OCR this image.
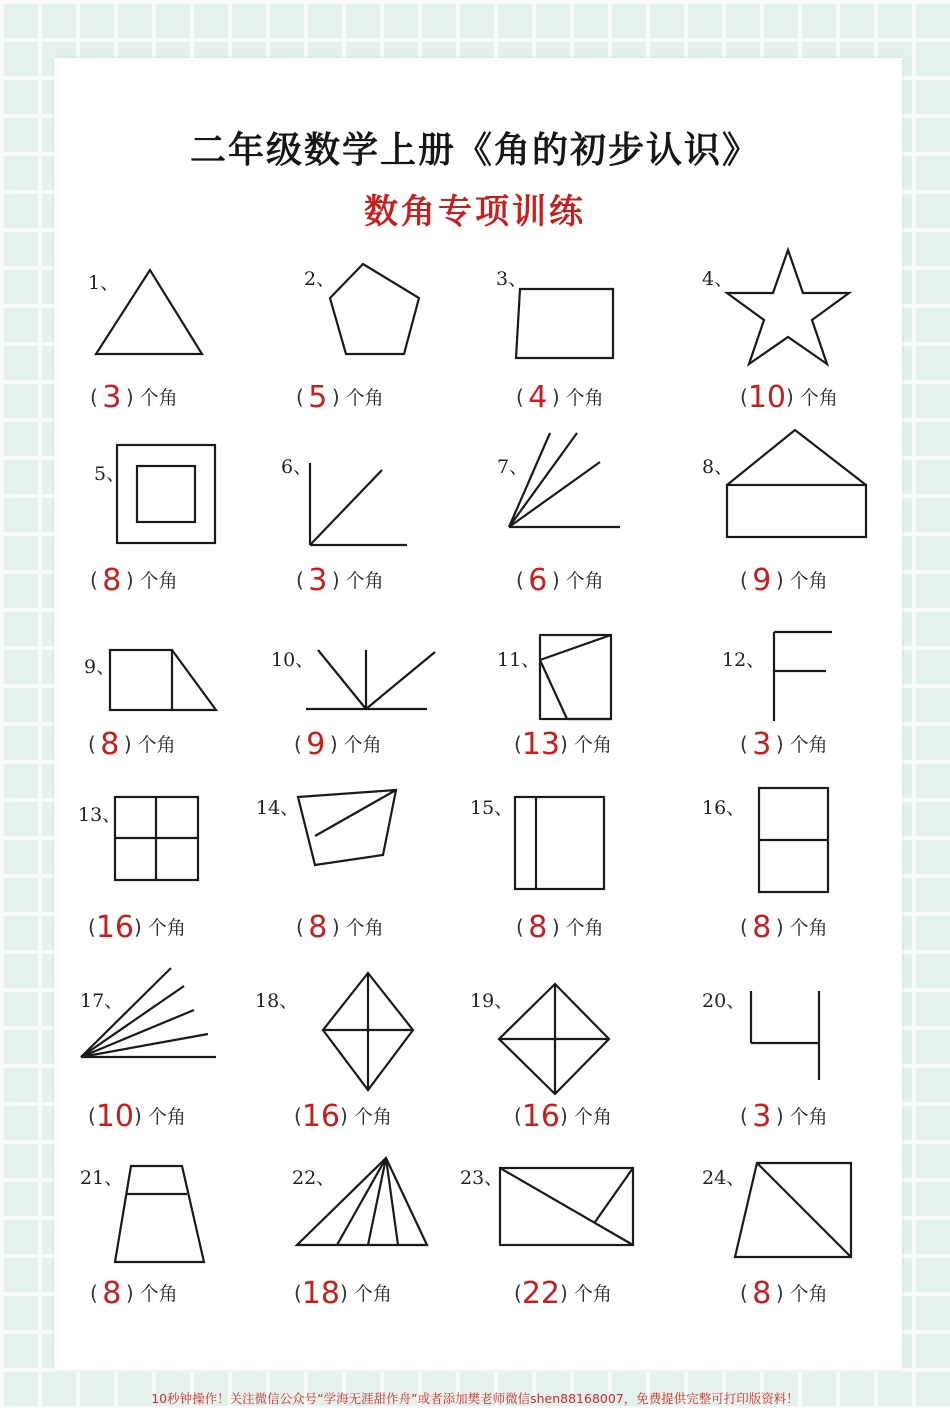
二年级数学上册《角的初步认识》
数角专项训练
1、	2、	3、	4、
5、	6、	7、	8、
9、	10、	11、	12、
13、	14、	15、	16、
17、	18、	19、	20、
21、	22、	23、	24、
( 3 ) 个角	( 5 ) 个角	( 4 ) 个角	(10) 个角
( 8 ) 个角	( 3 ) 个角	( 6 ) 个角	( 9 ) 个角
( 8 ) 个角	( 9 ) 个角	(13) 个角	( 3 ) 个角
(16) 个角	( 8 ) 个角	( 8 ) 个角	( 8 ) 个角
(10) 个角	(16) 个角	(16) 个角	( 3 ) 个角
( 8 ) 个角	(18) 个角	(22) 个角	( 8 ) 个角
10秒钟操作！关注微信公众号“学海无涯甜作舟”或者添加樊老师微信shen88168007，免费提供完整可打印版资料！
